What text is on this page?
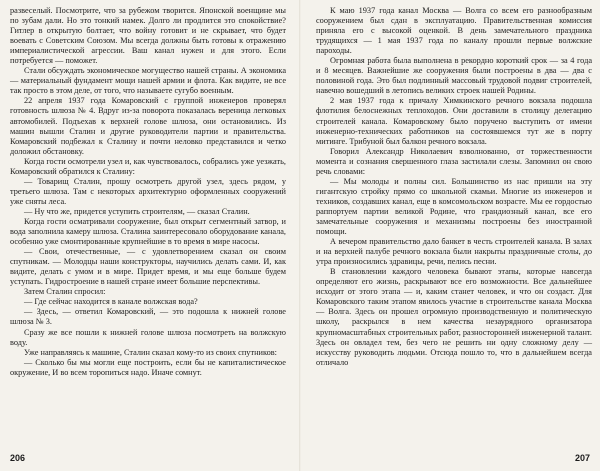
развеселый. Посмотрите, что за рубежом творится. Японской военщине мы по зубам дали. Но это тонкий намек. Долго ли продлится это спокойствие? Гитлер в открытую болтает, что войну готовит и не скрывает, что будет воевать с Советским Союзом. Мы всегда должны быть готовы к отражению империалистической агрессии. Ваш канал нужен и для этого. Если потребуется — поможет.

Стали обсуждать экономическое могущество нашей страны. А экономика — материальный фундамент мощи нашей армии и флота. Как видите, не все так просто в этом деле, от того, что называете сугубо военным.

22 апреля 1937 года Комаровский с группой инженеров проверял готовность шлюза № 4. Вдруг из-за поворота показалась вереница легковых автомобилей. Подъехав к верхней голове шлюза, они остановились. Из машин вышли Сталин и другие руководители партии и правительства. Комаровский подбежал к Сталину и почти неловко представился и четко доложил обстановку.

Когда гости осмотрели узел и, как чувствовалось, собрались уже уезжать, Комаровский обратился к Сталину:

— Товарищ Сталин, прошу осмотреть другой узел, здесь рядом, у третьего шлюза. Там с некоторых архитектурно оформленных сооружений уже сняты леса.

— Ну что же, придется уступить строителям, — сказал Сталин.

Когда гости осматривали сооружение, был открыт сегментный затвор, и вода заполнила камеру шлюза. Сталина заинтересовало оборудование канала, особенно уже смонтированные крупнейшие в то время в мире насосы.

— Свои, отечественные, — с удовлетворением сказал он своим спутникам. — Молодцы наши конструкторы, научились делать сами. И, как видите, делать с умом и в мире. Придет время, и мы еще больше будем уступать. Гидростроение в нашей стране имеет большие перспективы.

Затем Сталин спросил:

— Где сейчас находится в канале волжская вода?

— Здесь, — ответил Комаровский, — это подошла к нижней голове шлюза № 3.

Сразу же все пошли к нижней голове шлюза посмотреть на волжскую воду.

Уже направляясь к машине, Сталин сказал кому-то из своих спутников:

— Сколько бы мы могли еще построить, если бы не капиталистическое окружение, И во всем торопиться надо. Иначе сомнут.

206

К маю 1937 года канал Москва — Волга со всем его разнообразным сооружением был сдан в эксплуатацию. Правительственная комиссия приняла его с высокой оценкой. В день замечательного праздника трудящихся — 1 мая 1937 года по каналу прошли первые волжские пароходы.

Огромная работа была выполнена в рекордно короткий срок — за 4 года и 8 месяцев. Важнейшие же сооружения были построены в два — два с половиной года. Это был подлинный массовый трудовой подвиг строителей, навечно вошедший в летопись великих строек нашей Родины.

2 мая 1937 года к причалу Химкинского речного вокзала подошла флотилия белоснежных теплоходов. Они доставили в столицу делегацию строителей канала. Комаровскому было поручено выступить от имени инженерно-технических работников на состоявшемся тут же в порту митинге. Трибуной был балкон речного вокзала.

Говорил Александр Николаевич взволнованно, от торжественности момента и сознания свершенного глаза застилали слезы. Запомнил он свою речь словами:

— Мы молоды и полны сил. Большинство из нас пришли на эту гигантскую стройку прямо со школьной скамьи. Многие из инженеров и техников, создавших канал, еще в комсомольском возрасте. Мы ее гордостью раппортуем партии великой Родине, что грандиозный канал, все его замечательные сооружения и механизмы построены без иностранной помощи.

А вечером правительство дало банкет в честь строителей канала. В залах и на верхней палубе речного вокзала были накрыты праздничные столы, до утра произносились здравицы, речи, пелись песни.

В становлении каждого человека бывают этапы, которые навсегда определяют его жизнь, раскрывают все его возможности. Все дальнейшее исходит от этого этапа — и, каким станет человек, и что он создаст. Для Комаровского таким этапом явилось участие в строительстве канала Москва — Волга. Здесь он прошел огромную производственную и политическую школу, раскрылся в нем качества незаурядного организатора крупномасштабных строительных работ, разносторонней инженерной талант. Здесь он овладел тем, без чего не решить ни одну сложному делу — искусству руководить людьми. Отсюда пошло то, что в дальнейшем всегда отличало

207
